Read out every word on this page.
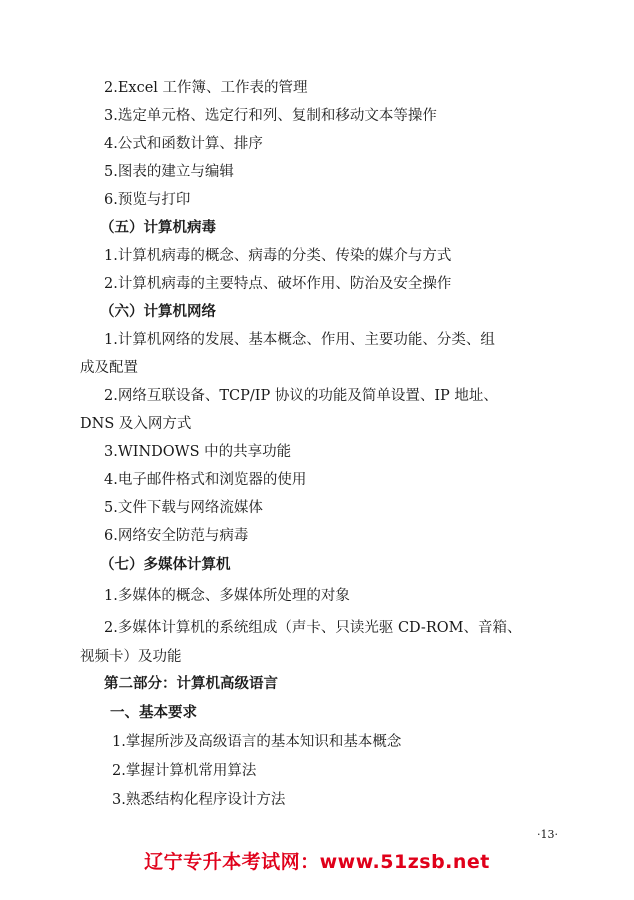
2.Excel 工作簿、工作表的管理
3.选定单元格、选定行和列、复制和移动文本等操作
4.公式和函数计算、排序
5.图表的建立与编辑
6.预览与打印
（五）计算机病毒
1.计算机病毒的概念、病毒的分类、传染的媒介与方式
2.计算机病毒的主要特点、破坏作用、防治及安全操作
（六）计算机网络
1.计算机网络的发展、基本概念、作用、主要功能、分类、组
成及配置
2.网络互联设备、TCP/IP 协议的功能及简单设置、IP 地址、
DNS 及入网方式
3.WINDOWS 中的共享功能
4.电子邮件格式和浏览器的使用
5.文件下载与网络流媒体
6.网络安全防范与病毒
（七）多媒体计算机
1.多媒体的概念、多媒体所处理的对象
2.多媒体计算机的系统组成（声卡、只读光驱 CD-ROM、音箱、
视频卡）及功能
第二部分：计算机高级语言
一、基本要求
1.掌握所涉及高级语言的基本知识和基本概念
2.掌握计算机常用算法
3.熟悉结构化程序设计方法
·13·
辽宁专升本考试网：www.51zsb.net
